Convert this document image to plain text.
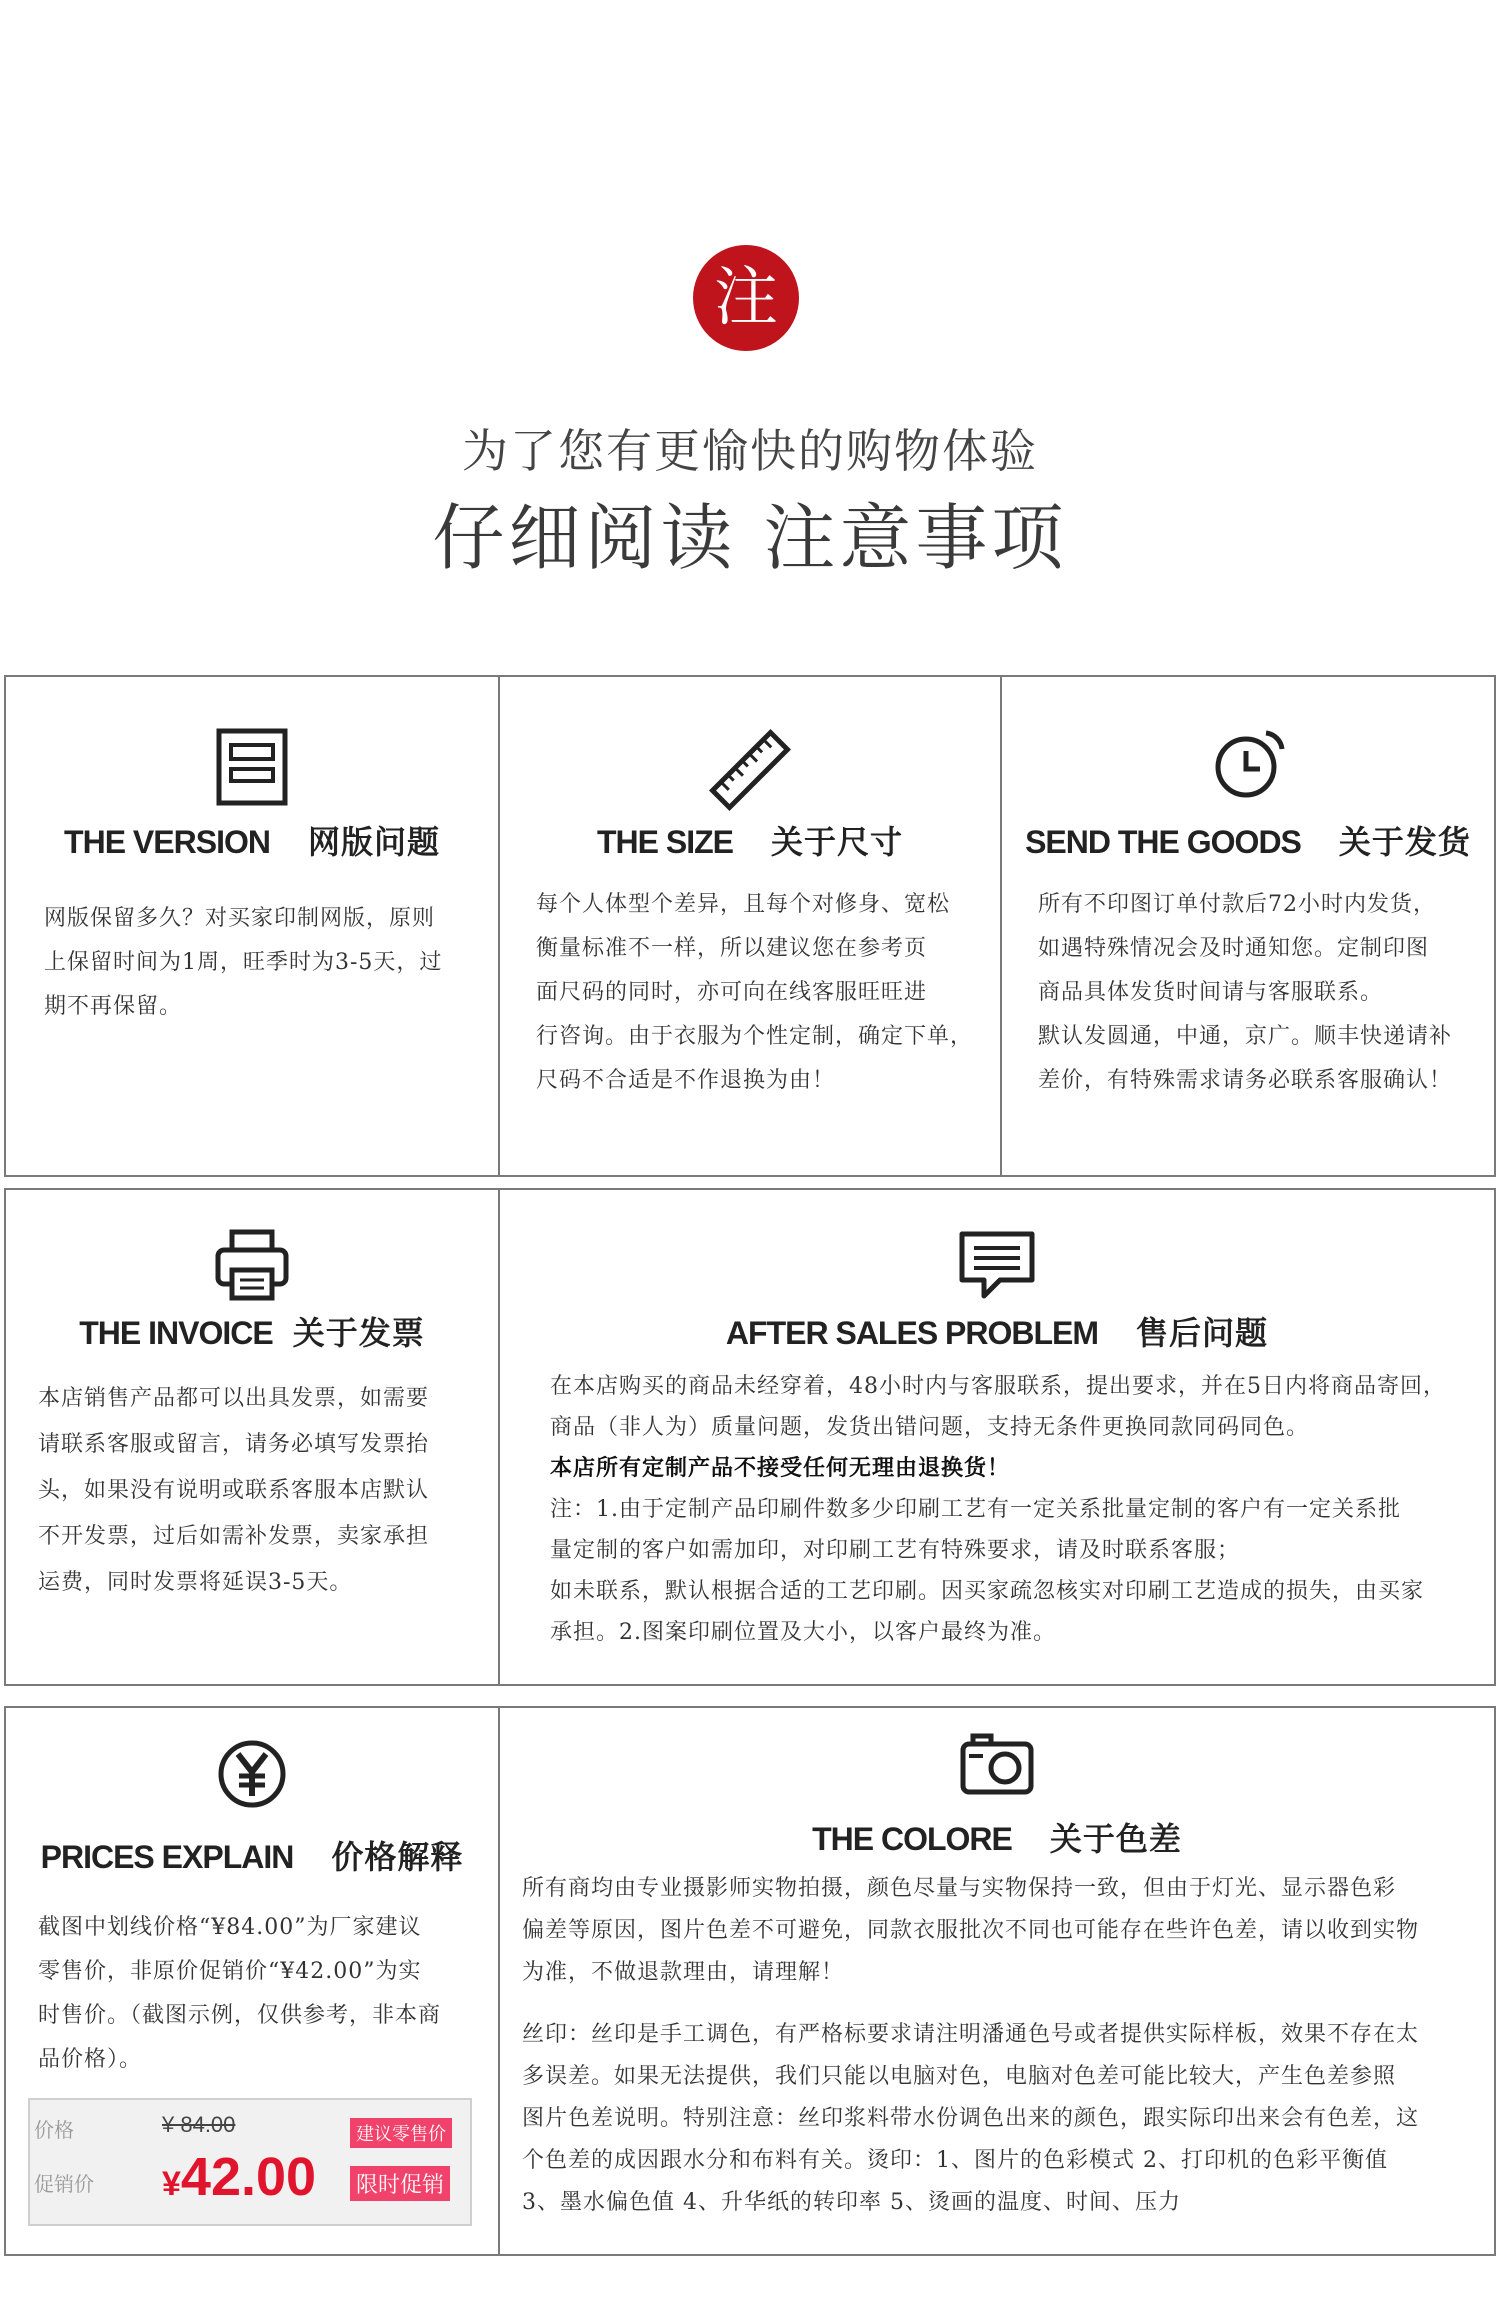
注
为了您有更愉快的购物体验
仔细阅读 注意事项
THE VERSION 网版问题

网版保留多久？对买家印制网版，原则

上保留时间为1周，旺季时为3-5天，过

期不再保留。

THE SIZE 关于尺寸

每个人体型个差异，且每个对修身、宽松

衡量标准不一样，所以建议您在参考页

面尺码的同时，亦可向在线客服旺旺进

行咨询。由于衣服为个性定制，确定下单，

尺码不合适是不作退换为由！

SEND THE GOODS 关于发货

所有不印图订单付款后72小时内发货，

如遇特殊情况会及时通知您。定制印图

商品具体发货时间请与客服联系。

默认发圆通，中通，京广。顺丰快递请补

差价，有特殊需求请务必联系客服确认！

THE INVOICE 关于发票

本店销售产品都可以出具发票，如需要

请联系客服或留言，请务必填写发票抬

头，如果没有说明或联系客服本店默认

不开发票，过后如需补发票，卖家承担

运费，同时发票将延误3-5天。

AFTER SALES PROBLEM 售后问题

在本店购买的商品未经穿着，48小时内与客服联系，提出要求，并在5日内将商品寄回，

商品（非人为）质量问题，发货出错问题，支持无条件更换同款同码同色。

本店所有定制产品不接受任何无理由退换货！

注：1.由于定制产品印刷件数多少印刷工艺有一定关系批量定制的客户有一定关系批

量定制的客户如需加印，对印刷工艺有特殊要求，请及时联系客服；

如未联系，默认根据合适的工艺印刷。因买家疏忽核实对印刷工艺造成的损失，由买家

承担。2.图案印刷位置及大小，以客户最终为准。

PRICES EXPLAIN 价格解释

截图中划线价格“¥84.00”为厂家建议

零售价，非原价促销价“¥42.00”为实

时售价。（截图示例，仅供参考，非本商

品价格）。

价格
促销价
¥ 84.00
¥42.00
建议零售价
限时促销
THE COLORE 关于色差

所有商均由专业摄影师实物拍摄，颜色尽量与实物保持一致，但由于灯光、显示器色彩

偏差等原因，图片色差不可避免，同款衣服批次不同也可能存在些许色差，请以收到实物

为准，不做退款理由，请理解！

丝印：丝印是手工调色，有严格标要求请注明潘通色号或者提供实际样板，效果不存在太

多误差。如果无法提供，我们只能以电脑对色，电脑对色差可能比较大，产生色差参照

图片色差说明。特别注意：丝印浆料带水份调色出来的颜色，跟实际印出来会有色差，这

个色差的成因跟水分和布料有关。烫印：1、图片的色彩模式 2、打印机的色彩平衡值

3、墨水偏色值 4、升华纸的转印率 5、烫画的温度、时间、压力
